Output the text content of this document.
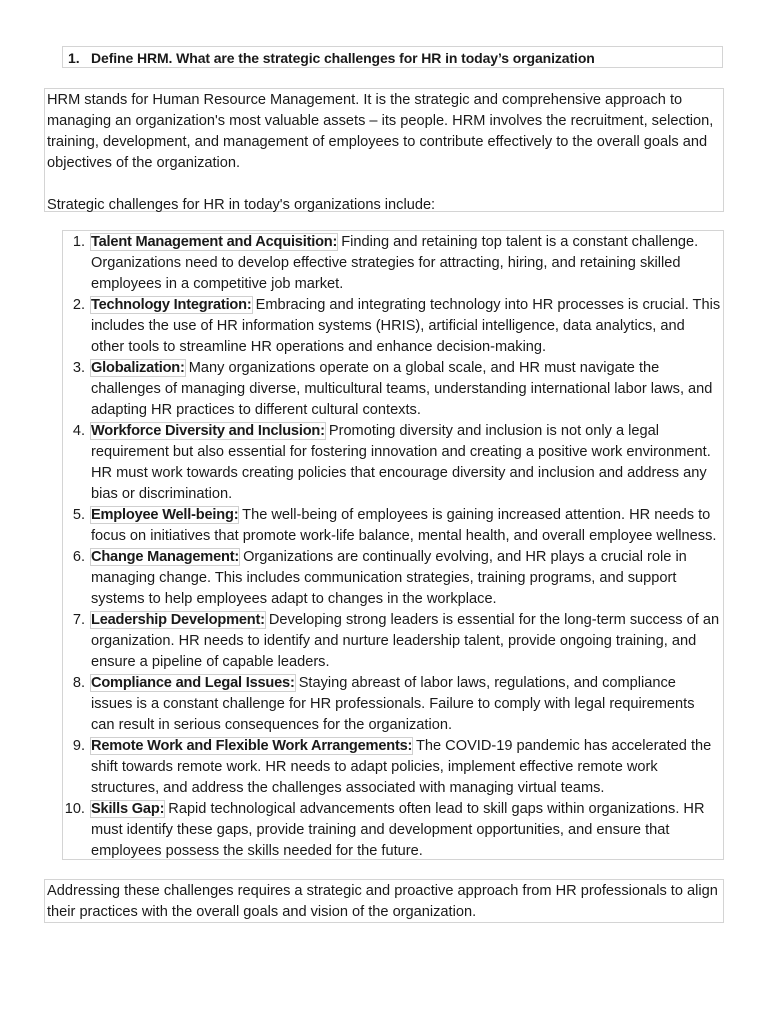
1. Define HRM. What are the strategic challenges for HR in today’s organization

HRM stands for Human Resource Management. It is the strategic and comprehensive approach to managing an organization's most valuable assets – its people. HRM involves the recruitment, selection, training, development, and management of employees to contribute effectively to the overall goals and objectives of the organization.

Strategic challenges for HR in today's organizations include:

1. Talent Management and Acquisition: Finding and retaining top talent is a constant challenge. Organizations need to develop effective strategies for attracting, hiring, and retaining skilled employees in a competitive job market.
2. Technology Integration: Embracing and integrating technology into HR processes is crucial. This includes the use of HR information systems (HRIS), artificial intelligence, data analytics, and other tools to streamline HR operations and enhance decision-making.
3. Globalization: Many organizations operate on a global scale, and HR must navigate the challenges of managing diverse, multicultural teams, understanding international labor laws, and adapting HR practices to different cultural contexts.
4. Workforce Diversity and Inclusion: Promoting diversity and inclusion is not only a legal requirement but also essential for fostering innovation and creating a positive work environment. HR must work towards creating policies that encourage diversity and inclusion and address any bias or discrimination.
5. Employee Well-being: The well-being of employees is gaining increased attention. HR needs to focus on initiatives that promote work-life balance, mental health, and overall employee wellness.
6. Change Management: Organizations are continually evolving, and HR plays a crucial role in managing change. This includes communication strategies, training programs, and support systems to help employees adapt to changes in the workplace.
7. Leadership Development: Developing strong leaders is essential for the long-term success of an organization. HR needs to identify and nurture leadership talent, provide ongoing training, and ensure a pipeline of capable leaders.
8. Compliance and Legal Issues: Staying abreast of labor laws, regulations, and compliance issues is a constant challenge for HR professionals. Failure to comply with legal requirements can result in serious consequences for the organization.
9. Remote Work and Flexible Work Arrangements: The COVID-19 pandemic has accelerated the shift towards remote work. HR needs to adapt policies, implement effective remote work structures, and address the challenges associated with managing virtual teams.
10. Skills Gap: Rapid technological advancements often lead to skill gaps within organizations. HR must identify these gaps, provide training and development opportunities, and ensure that employees possess the skills needed for the future.

Addressing these challenges requires a strategic and proactive approach from HR professionals to align their practices with the overall goals and vision of the organization.
